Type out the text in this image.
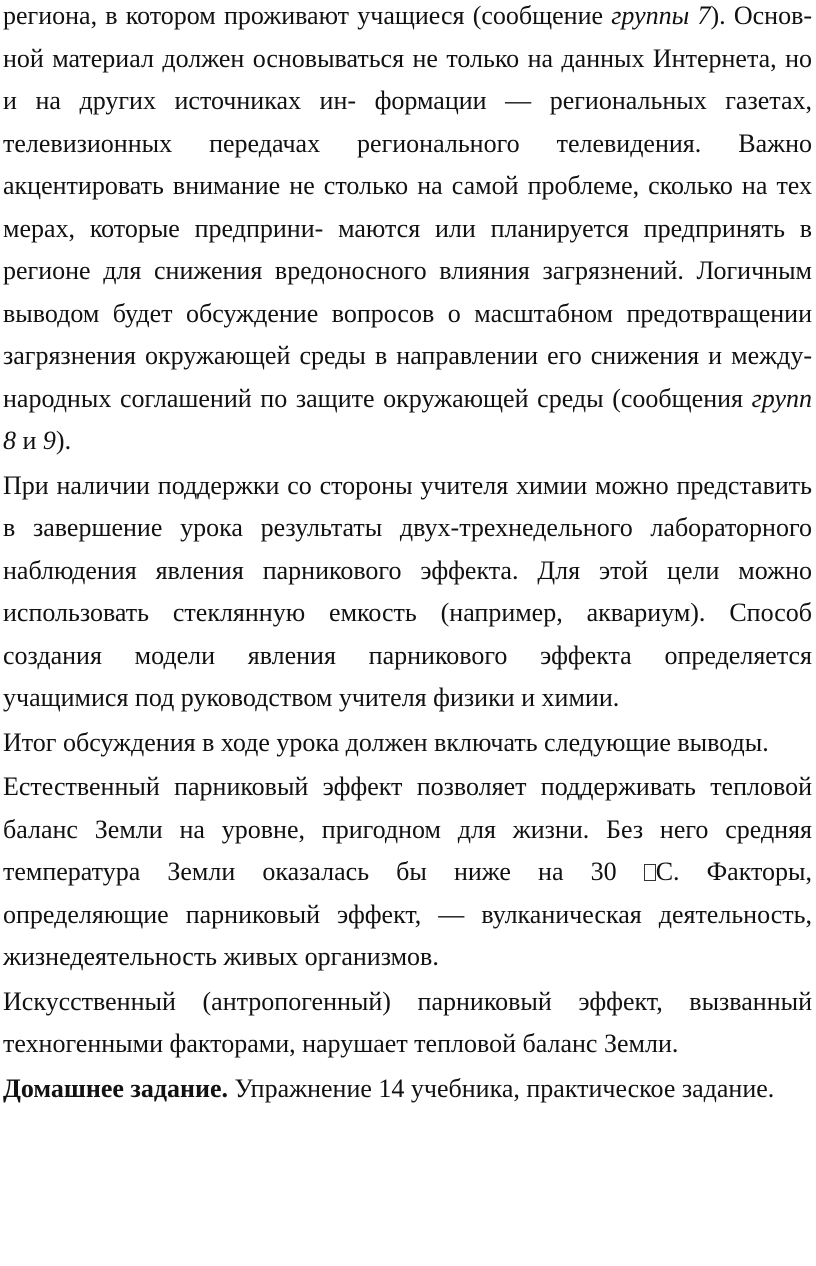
региона, в котором проживают учащиеся (сообщение группы 7). Основ- ной материал должен основываться не только на данных Интернета, но и на других источниках ин- формации — региональных газетах, телевизионных передачах регионального телевидения. Важно акцентировать внимание не столько на самой проблеме, сколько на тех мерах, которые предприни- маются или планируется предпринять в регионе для снижения вредоносного влияния загрязнений. Логичным выводом будет обсуждение вопросов о масштабном предотвращении загрязнения окружающей среды в направлении его снижения и между- народных соглашений по защите окружающей среды (сообщения групп 8 и 9).

При наличии поддержки со стороны учителя химии можно представить в завершение урока результаты двух-трехнедельного лабораторного наблюдения явления парникового эффекта. Для этой цели можно использовать стеклянную емкость (например, аквариум). Способ создания модели явления парникового эффекта определяется учащимися под руководством учителя физики и химии.

Итог обсуждения в ходе урока должен включать следующие выводы.

Естественный парниковый эффект позволяет поддерживать тепловой баланс Земли на уровне, пригодном для жизни. Без него средняя температура Земли оказалась бы ниже на 30 С. Факторы, определяющие парниковый эффект, — вулканическая деятельность, жизнедеятельность живых организмов.

Искусственный (антропогенный) парниковый эффект, вызванный техногенными факторами, нарушает тепловой баланс Земли.

Домашнее задание. Упражнение 14 учебника, практическое задание.
